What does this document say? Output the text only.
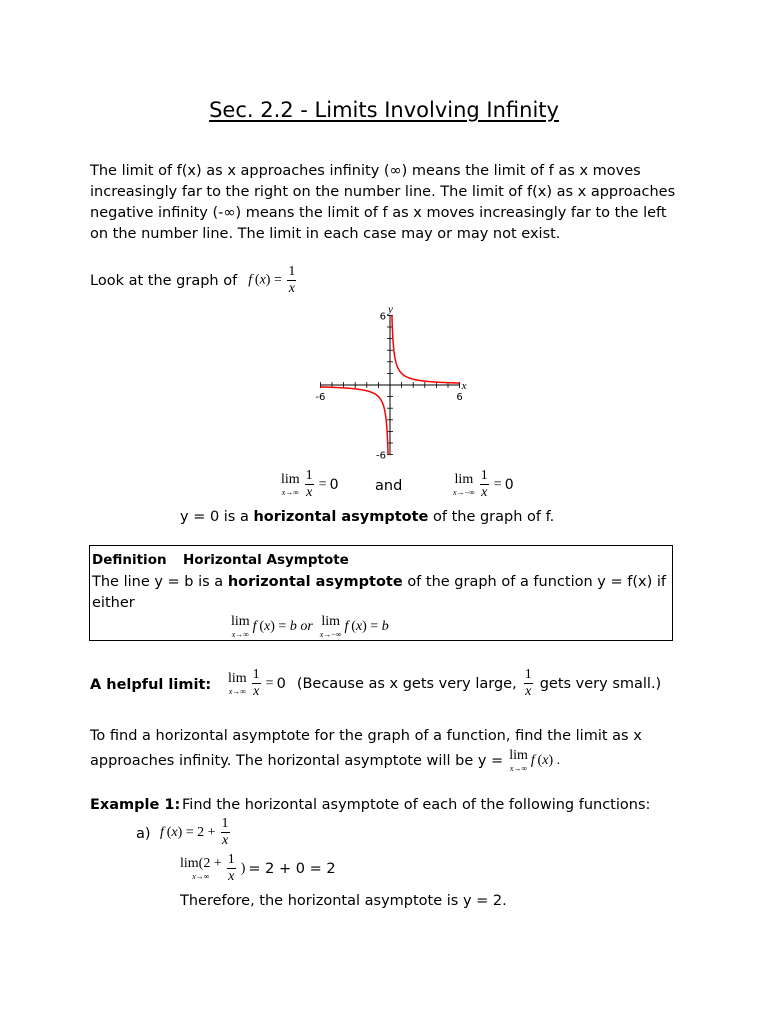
Sec. 2.2 - Limits Involving Infinity
The limit of f(x) as x approaches infinity (∞) means the limit of f as x moves increasingly far to the right on the number line. The limit of f(x) as x approaches negative infinity (-∞) means the limit of f as x moves increasingly far to the left on the number line. The limit in each case may or may not exist.
Look at the graph of f $(x) = \frac{1}{x}$
y
x
6
-6
-6	6
lim
$x\to\infty \frac{1}{x} = 0$	and	lim
$x\to-\infty \frac{1}{x} = 0$
y = 0 is a horizontal asymptote of the graph of f.
Definition Horizontal Asymptote
The line y = b is a horizontal asymptote of the graph of a function y = f(x) if
either
lim
x→∞
f (x) = b or lim
x→−∞
f (x) = b
A helpful limit: lim
$x\to\infty \frac{1}{x} = 0$ (Because as x gets very large, $\frac{1}{x}$ gets very small.)
To find a horizontal asymptote for the graph of a function, find the limit as x
approaches infinity. The horizontal asymptote will be y = lim
x→∞
f (x) .
Example 1: Find the horizontal asymptote of each of the following functions:
a) f $(x) = 2 + \frac{1}{x}$
lim(2 +
$x\to\infty \frac{1}{x}$ ) = 2 + 0 = 2
Therefore, the horizontal asymptote is y = 2.
